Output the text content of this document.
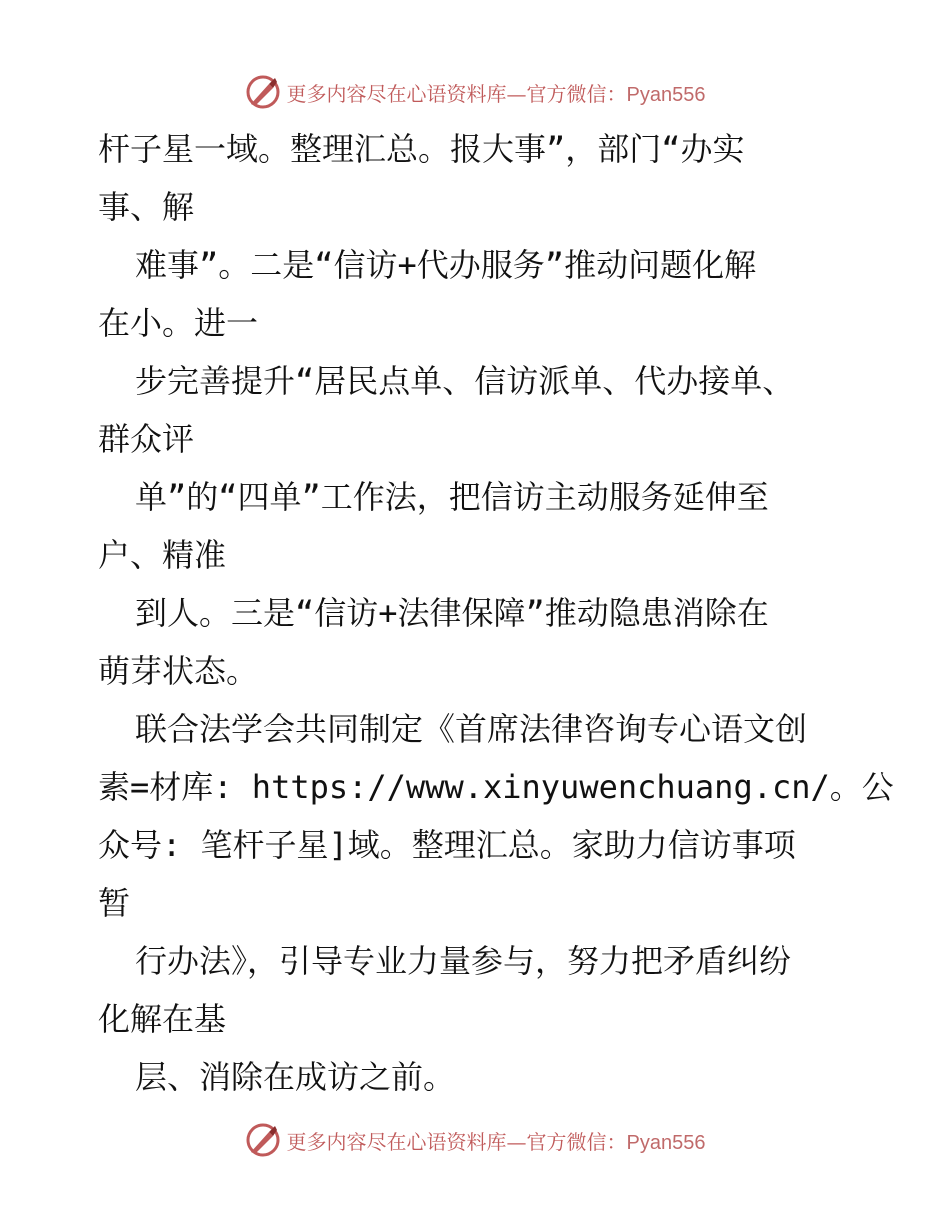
更多内容尽在心语资料库—官方微信：Pyan556
杆子星一域。整理汇总。报大事”，部门“办实
事、解
难事”。二是“信访+代办服务”推动问题化解
在小。进一
步完善提升“居民点单、信访派单、代办接单、
群众评
单”的“四单”工作法，把信访主动服务延伸至
户、精准
到人。三是“信访+法律保障”推动隐患消除在
萌芽状态。
联合法学会共同制定《首席法律咨询专心语文创
素=材库: https://www.xinyuwenchuang.cn/。公
众号: 笔杆子星]域。整理汇总。家助力信访事项
暂
行办法》，引导专业力量参与，努力把矛盾纠纷
化解在基
层、消除在成访之前。
更多内容尽在心语资料库—官方微信：Pyan556
